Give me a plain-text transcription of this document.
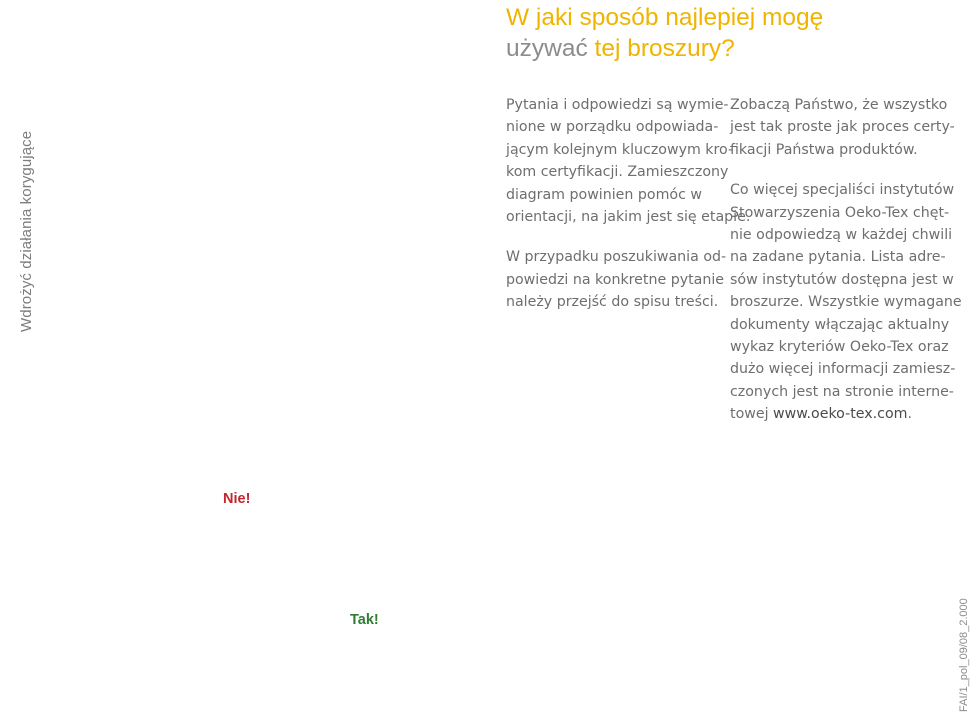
Wdrożyć działania korygujące
W jaki sposób najlepiej mogę
używać tej broszury?

Pytania i odpowiedzi są wymie-
nione w porządku odpowiada-
jącym kolejnym kluczowym kro-
kom certyfikacji. Zamieszczony
diagram powinien pomóc w
orientacji, na jakim jest się etapie.

W przypadku poszukiwania od-
powiedzi na konkretne pytanie
należy przejść do spisu treści.

Zobaczą Państwo, że wszystko
jest tak proste jak proces certy-
fikacji Państwa produktów.

Co więcej specjaliści instytutów
Stowarzyszenia Oeko-Tex chęt-
nie odpowiedzą w każdej chwili
na zadane pytania. Lista adre-
sów instytutów dostępna jest w
broszurze. Wszystkie wymagane
dokumenty włączając aktualny
wykaz kryteriów Oeko-Tex oraz
dużo więcej informacji zamiesz-
czonych jest na stronie interne-
towej www.oeko-tex.com.

Nie!
Tak!	FAI/1_pol_09/08_2.000
